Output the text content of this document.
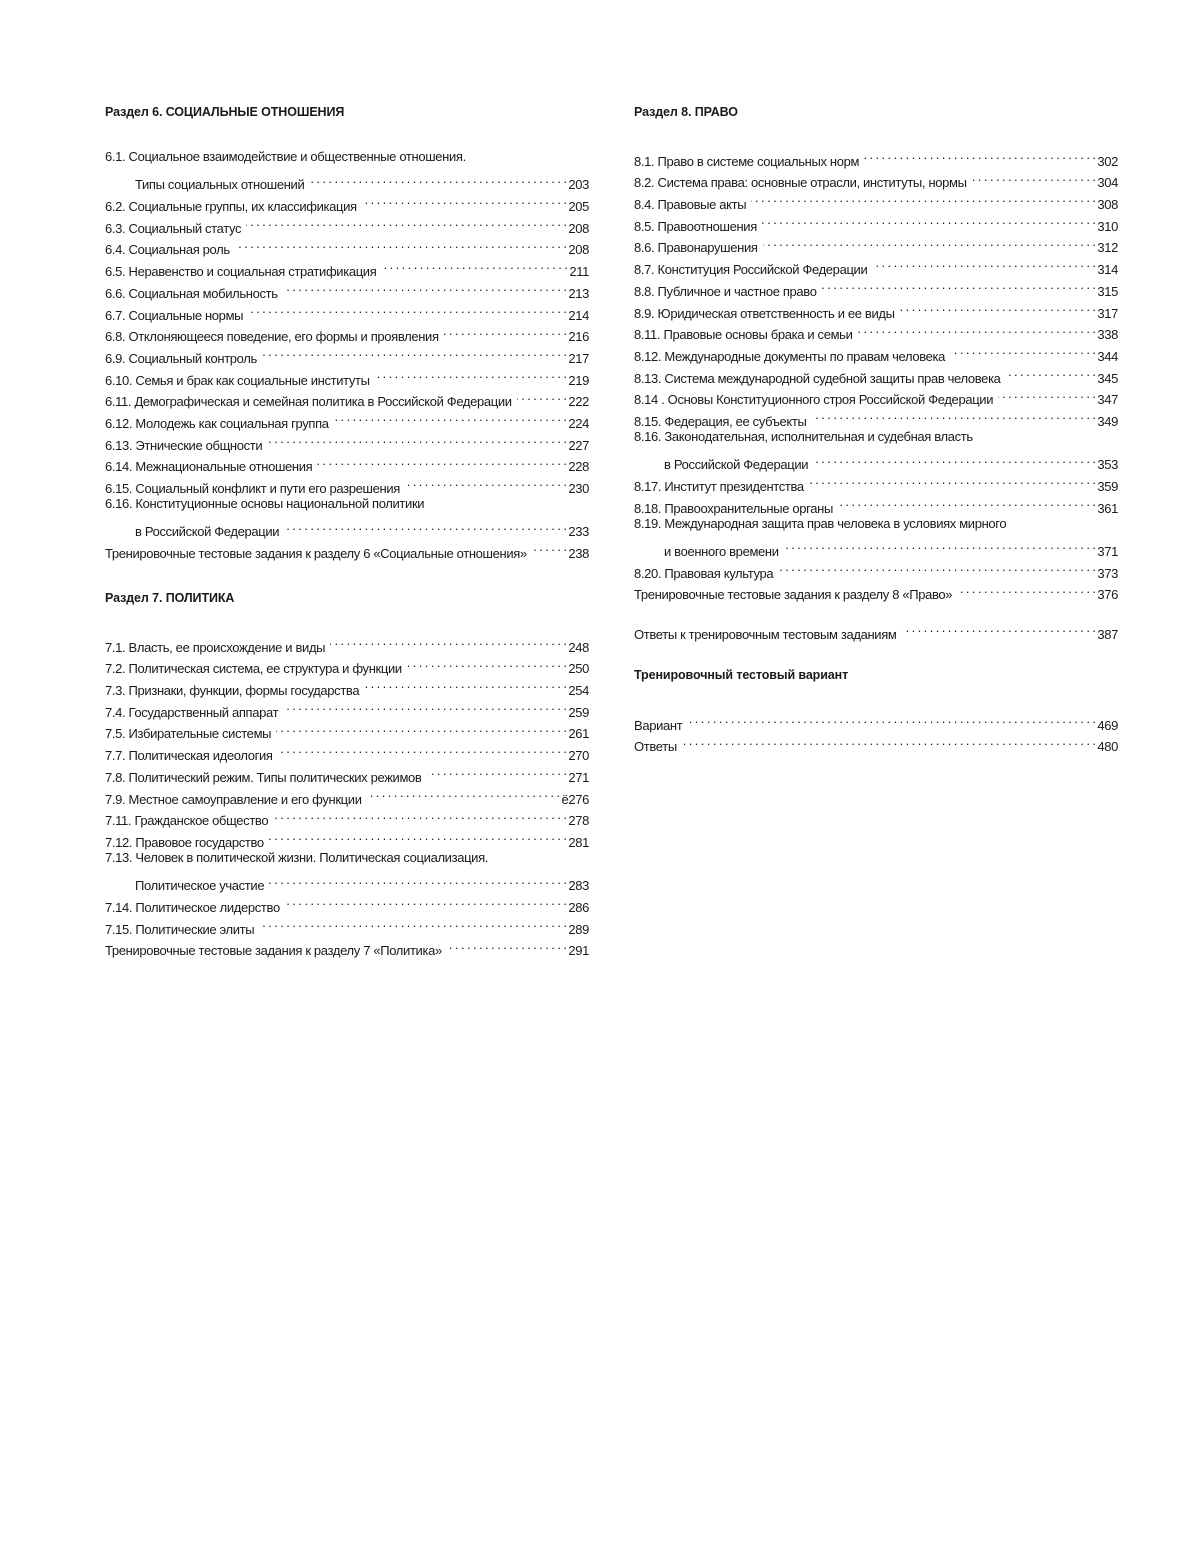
Раздел 6. СОЦИАЛЬНЫЕ ОТНОШЕНИЯ
6.1. Социальное взаимодействие и общественные отношения.
Типы социальных отношений . . .	203
6.2. Социальные группы, их классификация . . .	205
6.3. Социальный статус . . .	208
6.4. Социальная роль . . .	208
6.5. Неравенство и социальная стратификация . . .	211
6.6. Социальная мобильность . . .	213
6.7. Социальные нормы . . .	214
6.8. Отклоняющееся поведение, его формы и проявления . . .	216
6.9. Социальный контроль . . .	217
6.10. Семья и брак как социальные институты . . .	219
6.11. Демографическая и семейная политика в Российской Федерации . . .	222
6.12. Молодежь как социальная группа . . .	224
6.13. Этнические общности . . .	227
6.14. Межнациональные отношения . . .	228
6.15. Социальный конфликт и пути его разрешения . . .	230
6.16. Конституционные основы национальной политики
в Российской Федерации . . .	233
Тренировочные тестовые задания к разделу 6 «Социальные отношения» . . .	238
Раздел 7. ПОЛИТИКА
7.1. Власть, ее происхождение и виды . . .	248
7.2. Политическая система, ее структура и функции . . .	250
7.3. Признаки, функции, формы государства . . .	254
7.4. Государственный аппарат . . .	259
7.5. Избирательные системы . . .	261
7.7. Политическая идеология . . .	270
7.8. Политический режим. Типы политических режимов . . .	271
7.9. Местное самоуправление и его функции . . .	ё276
7.11. Гражданское общество . . .	278
7.12. Правовое государство . . .	281
7.13. Человек в политической жизни. Политическая социализация.
Политическое участие . . .	283
7.14. Политическое лидерство . . .	286
7.15. Политические элиты . . .	289
Тренировочные тестовые задания к разделу 7 «Политика» . . .	291
Раздел 8. ПРАВО
8.1. Право в системе социальных норм . . .	302
8.2. Система права: основные отрасли, институты, нормы . . .	304
8.4. Правовые акты . . .	308
8.5. Правоотношения . . .	310
8.6. Правонарушения . . .	312
8.7. Конституция Российской Федерации . . .	314
8.8. Публичное и частное право . . .	315
8.9. Юридическая ответственность и ее виды . . .	317
8.11. Правовые основы брака и семьи . . .	338
8.12. Международные документы по правам человека . . .	344
8.13. Система международной судебной защиты прав человека . . .	345
8.14 . Основы Конституционного строя Российской Федерации . . .	347
8.15. Федерация, ее субъекты . . .	349
8.16. Законодательная, исполнительная и судебная власть
в Российской Федерации . . .	353
8.17. Институт президентства . . .	359
8.18. Правоохранительные органы . . .	361
8.19. Международная защита прав человека в условиях мирного
и военного времени . . .	371
8.20. Правовая культура . . .	373
Тренировочные тестовые задания к разделу 8 «Право» . . .	376
Ответы к тренировочным тестовым заданиям . . .	387
Тренировочный тестовый вариант
Вариант . . .	469
Ответы . . .	480
